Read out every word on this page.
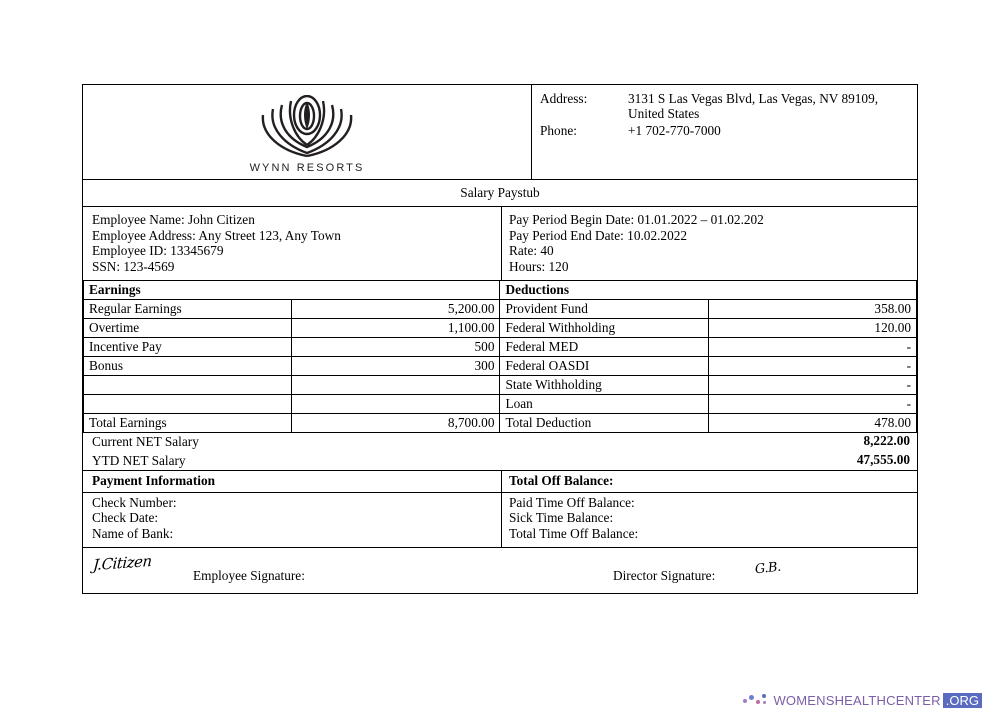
WYNN RESORTS
Address:	3131 S Las Vegas Blvd, Las Vegas, NV 89109, United States
Phone:	+1 702-770-7000
Salary Paystub
Employee Name: John Citizen
Employee Address: Any Street 123, Any Town
Employee ID: 13345679
SSN: 123-4569
Pay Period Begin Date: 01.01.2022 – 01.02.202
Pay Period End Date: 10.02.2022
Rate: 40
Hours: 120
Earnings		Deductions	
Regular Earnings	5,200.00	Provident Fund	358.00
Overtime	1,100.00	Federal Withholding	120.00
Incentive Pay	500	Federal MED	-
Bonus	300	Federal OASDI	-
		State Withholding	-
		Loan	-
Total Earnings	8,700.00	Total Deduction	478.00
Current NET Salary	8,222.00
YTD NET Salary	47,555.00
Payment Information	Total Off Balance:
Check Number:
Check Date:
Name of Bank:
Paid Time Off Balance:
Sick Time Balance:
Total Time Off Balance:
J.Citizen
Employee Signature:	Director Signature:	G.B.
WOMENSHEALTHCENTER .ORG
